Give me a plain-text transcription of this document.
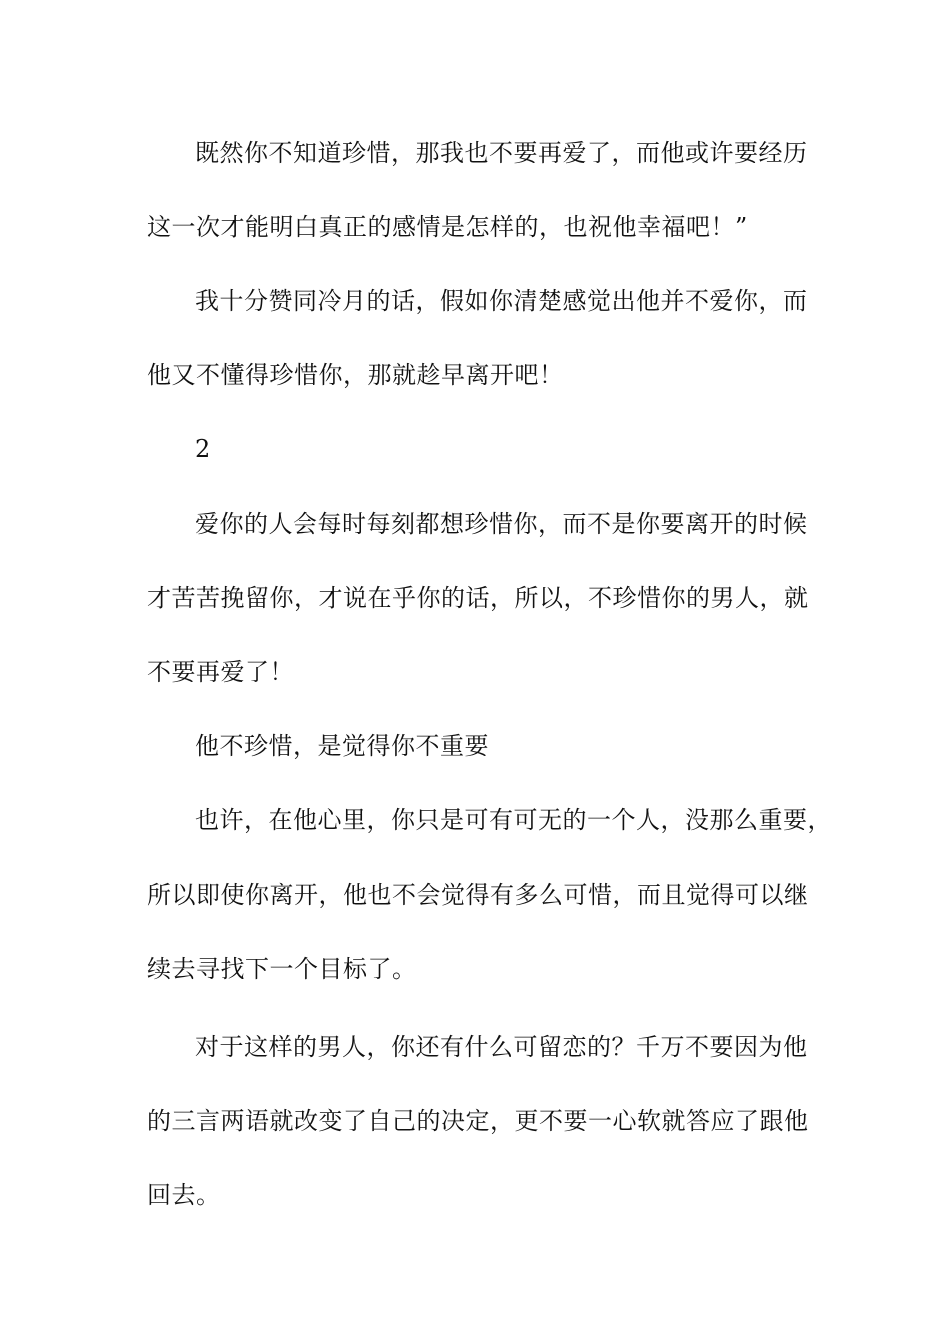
既然你不知道珍惜，那我也不要再爱了，而他或许要经历
这一次才能明白真正的感情是怎样的，也祝他幸福吧！”
我十分赞同冷月的话，假如你清楚感觉出他并不爱你，而
他又不懂得珍惜你，那就趁早离开吧！
2
爱你的人会每时每刻都想珍惜你，而不是你要离开的时候
才苦苦挽留你，才说在乎你的话，所以，不珍惜你的男人，就
不要再爱了！
他不珍惜，是觉得你不重要
也许，在他心里，你只是可有可无的一个人，没那么重要，
所以即使你离开，他也不会觉得有多么可惜，而且觉得可以继
续去寻找下一个目标了。
对于这样的男人，你还有什么可留恋的？千万不要因为他
的三言两语就改变了自己的决定，更不要一心软就答应了跟他
回去。
